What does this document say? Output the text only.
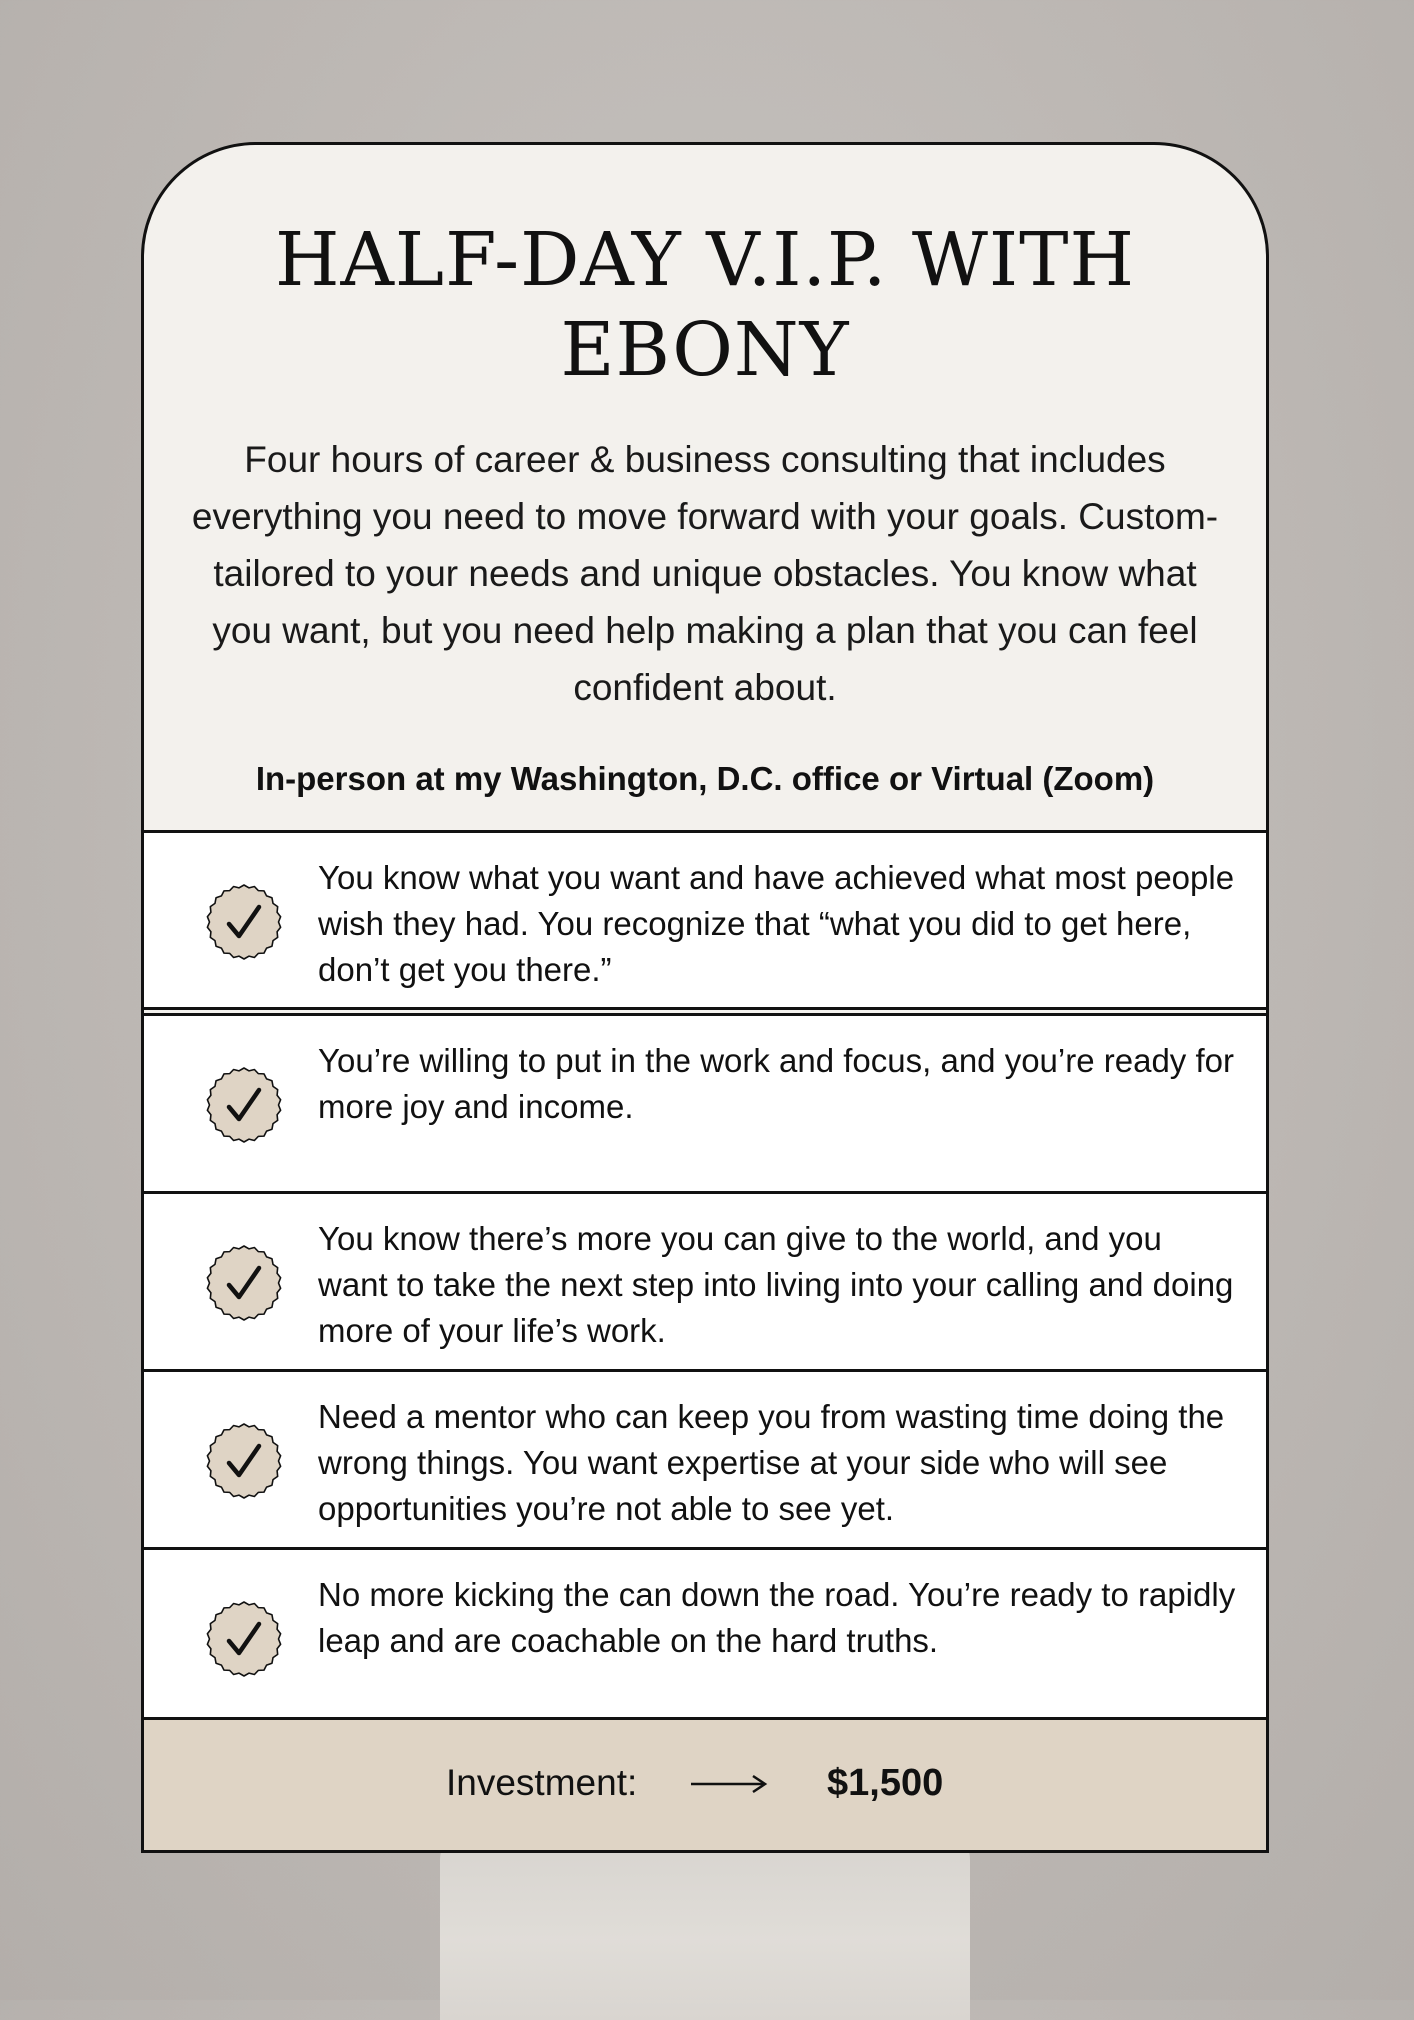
HALF-DAY V.I.P. WITH EBONY

Four hours of career & business consulting that includes everything you need to move forward with your goals. Custom-tailored to your needs and unique obstacles. You know what you want, but you need help making a plan that you can feel confident about.

In-person at my Washington, D.C. office or Virtual (Zoom)

You know what you want and have achieved what most people wish they had. You recognize that “what you did to get here, don’t get you there.”

You’re willing to put in the work and focus, and you’re ready for more joy and income.

You know there’s more you can give to the world, and you want to take the next step into living into your calling and doing more of your life’s work.

Need a mentor who can keep you from wasting time doing the wrong things. You want expertise at your side who will see opportunities you’re not able to see yet.

No more kicking the can down the road. You’re ready to rapidly leap and are coachable on the hard truths.

Investment:	$1,500
